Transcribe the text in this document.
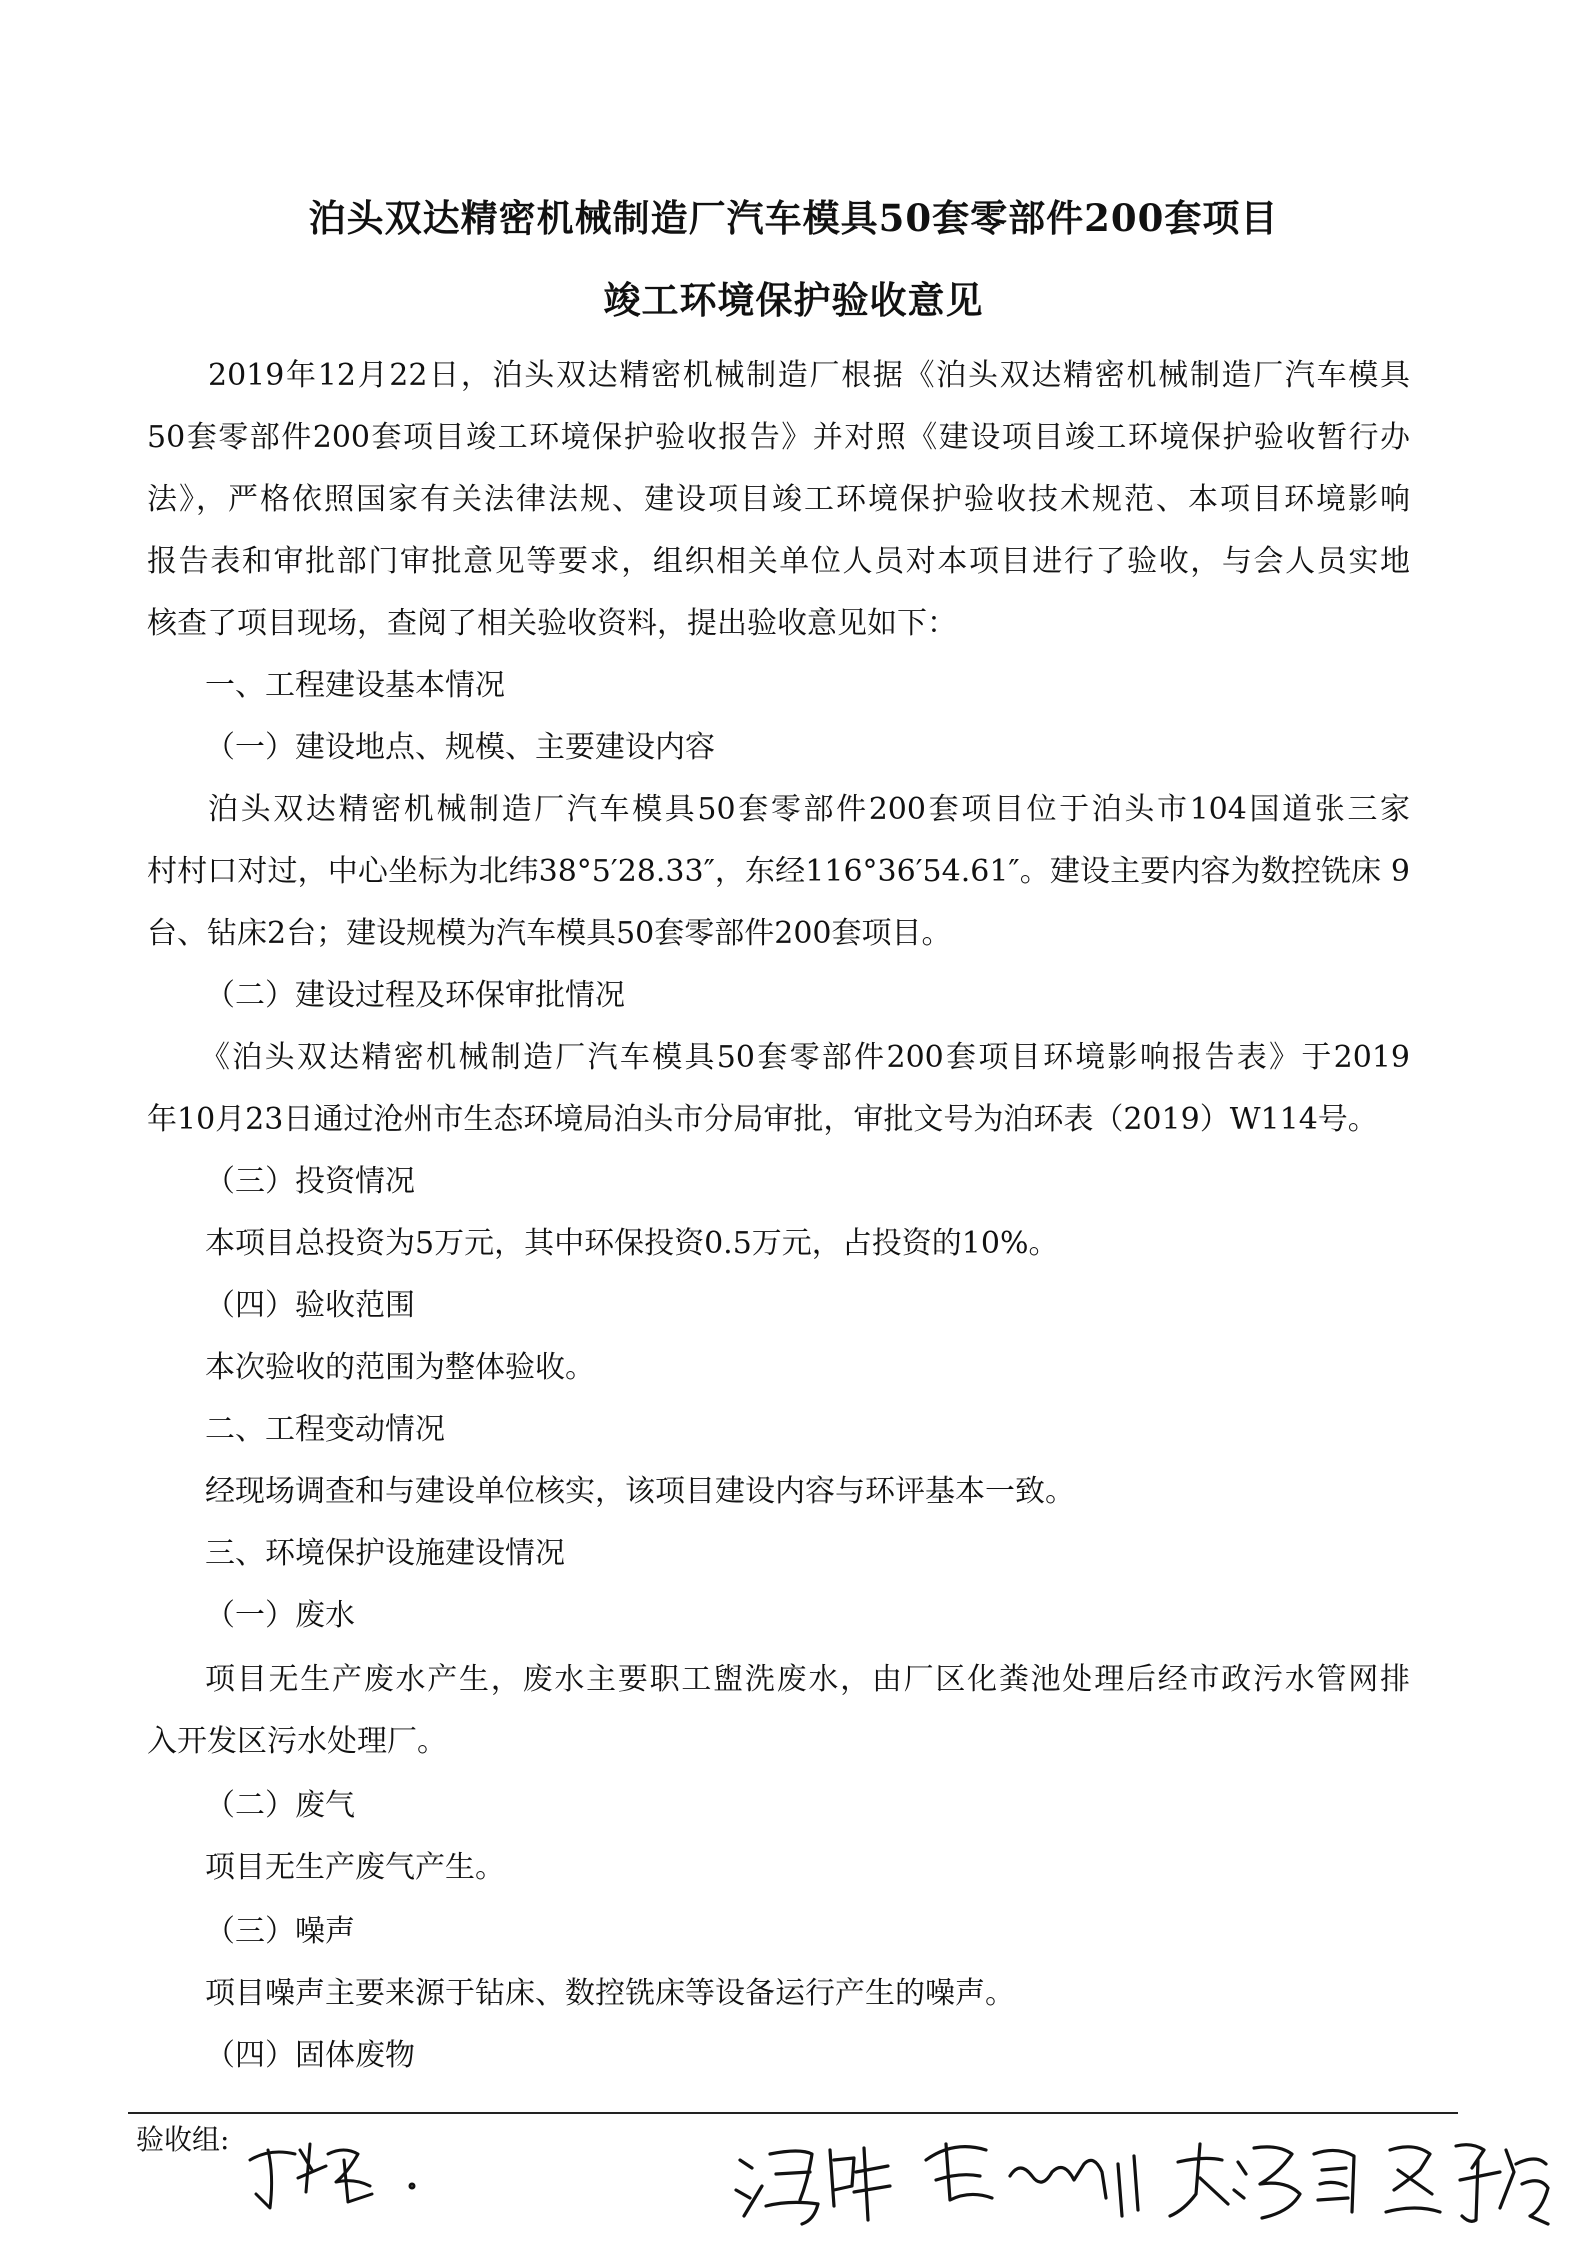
泊头双达精密机械制造厂汽车模具50套零部件200套项目
竣工环境保护验收意见
2019年12月22日，泊头双达精密机械制造厂根据《泊头双达精密机械制造厂汽车模具
50套零部件200套项目竣工环境保护验收报告》并对照《建设项目竣工环境保护验收暂行办
法》，严格依照国家有关法律法规、建设项目竣工环境保护验收技术规范、本项目环境影响
报告表和审批部门审批意见等要求，组织相关单位人员对本项目进行了验收，与会人员实地
核查了项目现场，查阅了相关验收资料，提出验收意见如下：
一、工程建设基本情况
（一）建设地点、规模、主要建设内容
泊头双达精密机械制造厂汽车模具50套零部件200套项目位于泊头市104国道张三家
村村口对过，中心坐标为北纬38°5′28.33″，东经116°36′54.61″。建设主要内容为数控铣床 9
台、钻床2台；建设规模为汽车模具50套零部件200套项目。
（二）建设过程及环保审批情况
《泊头双达精密机械制造厂汽车模具50套零部件200套项目环境影响报告表》于2019
年10月23日通过沧州市生态环境局泊头市分局审批，审批文号为泊环表（2019）W114号。
（三）投资情况
本项目总投资为5万元，其中环保投资0.5万元，占投资的10%。
（四）验收范围
本次验收的范围为整体验收。
二、工程变动情况
经现场调查和与建设单位核实，该项目建设内容与环评基本一致。
三、环境保护设施建设情况
（一）废水
项目无生产废水产生，废水主要职工盥洗废水，由厂区化粪池处理后经市政污水管网排
入开发区污水处理厂。
（二）废气
项目无生产废气产生。
（三）噪声
项目噪声主要来源于钻床、数控铣床等设备运行产生的噪声。
（四）固体废物
验收组:
